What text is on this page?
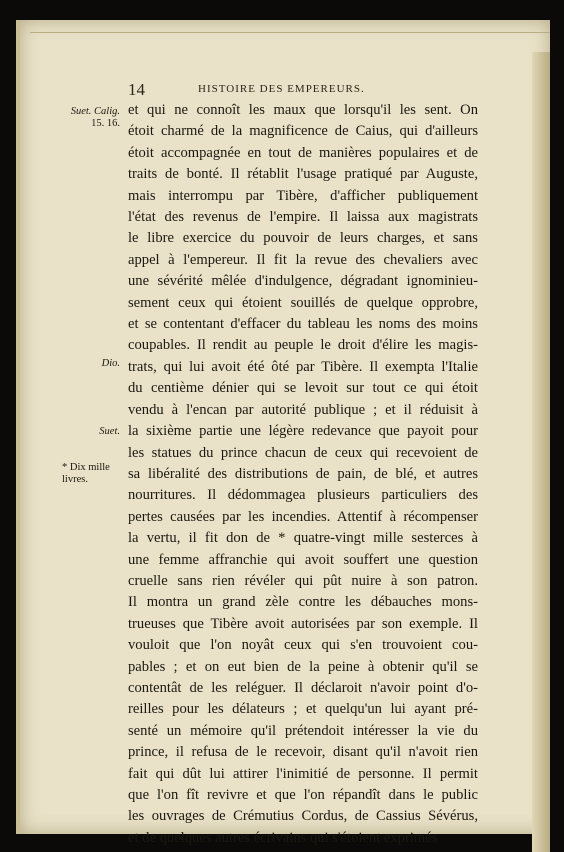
14	HISTOIRE DES EMPEREURS.
Suet. Calig.
15. 16.
Dio.
Suet.
* Dix mille
livres.
et qui ne connoît les maux que lorsqu'il les sent. On
étoit charmé de la magnificence de Caius, qui d'ailleurs
étoit accompagnée en tout de manières populaires et de
traits de bonté. Il rétablit l'usage pratiqué par Auguste,
mais interrompu par Tibère, d'afficher publiquement
l'état des revenus de l'empire. Il laissa aux magistrats
le libre exercice du pouvoir de leurs charges, et sans
appel à l'empereur. Il fit la revue des chevaliers avec
une sévérité mêlée d'indulgence, dégradant ignominieu-
sement ceux qui étoient souillés de quelque opprobre,
et se contentant d'effacer du tableau les noms des moins
coupables. Il rendit au peuple le droit d'élire les magis-
trats, qui lui avoit été ôté par Tibère. Il exempta l'Italie
du centième dénier qui se levoit sur tout ce qui étoit
vendu à l'encan par autorité publique ; et il réduisit à
la sixième partie une légère redevance que payoit pour
les statues du prince chacun de ceux qui recevoient de
sa libéralité des distributions de pain, de blé, et autres
nourritures. Il dédommagea plusieurs particuliers des
pertes causées par les incendies. Attentif à récompenser
la vertu, il fit don de * quatre-vingt mille sesterces à
une femme affranchie qui avoit souffert une question
cruelle sans rien révéler qui pût nuire à son patron.
Il montra un grand zèle contre les débauches mons-
trueuses que Tibère avoit autorisées par son exemple. Il
vouloit que l'on noyât ceux qui s'en trouvoient cou-
pables ; et on eut bien de la peine à obtenir qu'il se
contentât de les reléguer. Il déclaroit n'avoir point d'o-
reilles pour les délateurs ; et quelqu'un lui ayant pré-
senté un mémoire qu'il prétendoit intéresser la vie du
prince, il refusa de le recevoir, disant qu'il n'avoit rien
fait qui dût lui attirer l'inimitié de personne. Il permit
que l'on fît revivre et que l'on répandît dans le public
les ouvrages de Crémutius Cordus, de Cassius Sévérus,
et de quelques autres écrivains qui s'étoient exprimés
